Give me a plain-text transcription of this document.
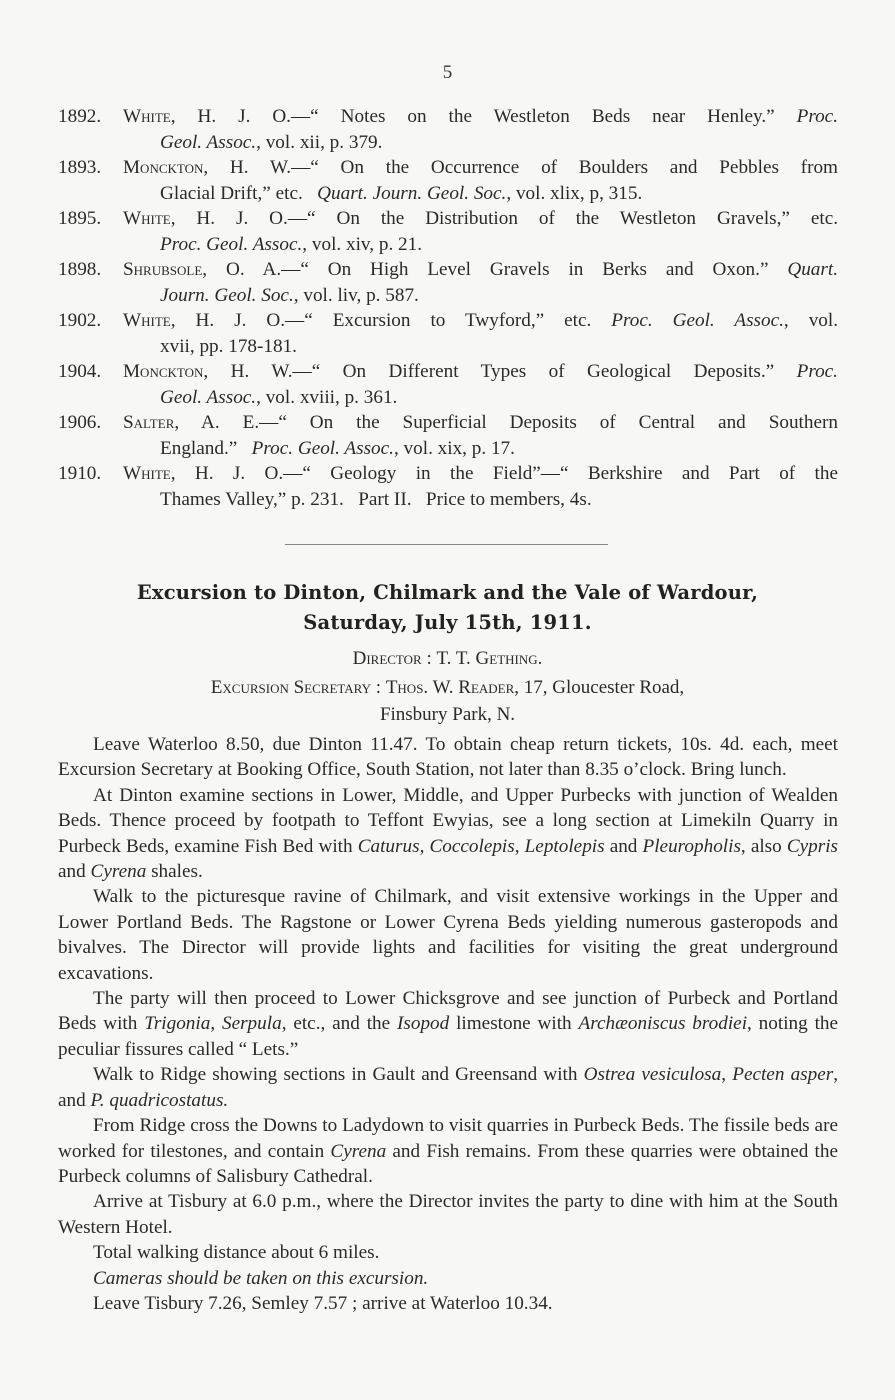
5
1892.	White, H. J. O.—“ Notes on the Westleton Beds near Henley.” Proc.
Geol. Assoc., vol. xii, p. 379.
1893.	Monckton, H. W.—“ On the Occurrence of Boulders and Pebbles from
Glacial Drift,” etc. Quart. Journ. Geol. Soc., vol. xlix, p, 315.
1895.	White, H. J. O.—“ On the Distribution of the Westleton Gravels,” etc.
Proc. Geol. Assoc., vol. xiv, p. 21.
1898.	Shrubsole, O. A.—“ On High Level Gravels in Berks and Oxon.” Quart.
Journ. Geol. Soc., vol. liv, p. 587.
1902.	White, H. J. O.—“ Excursion to Twyford,” etc. Proc. Geol. Assoc., vol.
xvii, pp. 178-181.
1904.	Monckton, H. W.—“ On Different Types of Geological Deposits.” Proc.
Geol. Assoc., vol. xviii, p. 361.
1906.	Salter, A. E.—“ On the Superficial Deposits of Central and Southern
England.” Proc. Geol. Assoc., vol. xix, p. 17.
1910.	White, H. J. O.—“ Geology in the Field”—“ Berkshire and Part of the
Thames Valley,” p. 231.   Part II.   Price to members, 4s.
Excursion to Dinton, Chilmark and the Vale of Wardour,
Saturday, July 15th, 1911.
Director : T. T. Gething.
Excursion Secretary : Thos. W. Reader, 17, Gloucester Road,
Finsbury Park, N.

Leave Waterloo 8.50, due Dinton 11.47. To obtain cheap return tickets, 10s. 4d. each, meet Excursion Secretary at Booking Office, South Station, not later than 8.35 o’clock. Bring lunch.

At Dinton examine sections in Lower, Middle, and Upper Purbecks with junction of Wealden Beds. Thence proceed by footpath to Teffont Ewyias, see a long section at Limekiln Quarry in Purbeck Beds, examine Fish Bed with Caturus, Coccolepis, Leptolepis and Pleuropholis, also Cypris and Cyrena shales.

Walk to the picturesque ravine of Chilmark, and visit extensive workings in the Upper and Lower Portland Beds. The Ragstone or Lower Cyrena Beds yielding numerous gasteropods and bivalves. The Director will provide lights and facilities for visiting the great underground excavations.

The party will then proceed to Lower Chicksgrove and see junction of Purbeck and Portland Beds with Trigonia, Serpula, etc., and the Isopod limestone with Archæoniscus brodiei, noting the peculiar fissures called “ Lets.”

Walk to Ridge showing sections in Gault and Greensand with Ostrea vesiculosa, Pecten asper, and P. quadricostatus.

From Ridge cross the Downs to Ladydown to visit quarries in Purbeck Beds. The fissile beds are worked for tilestones, and contain Cyrena and Fish remains. From these quarries were obtained the Purbeck columns of Salisbury Cathedral.

Arrive at Tisbury at 6.0 p.m., where the Director invites the party to dine with him at the South Western Hotel.

Total walking distance about 6 miles.

Cameras should be taken on this excursion.

Leave Tisbury 7.26, Semley 7.57 ; arrive at Waterloo 10.34.
